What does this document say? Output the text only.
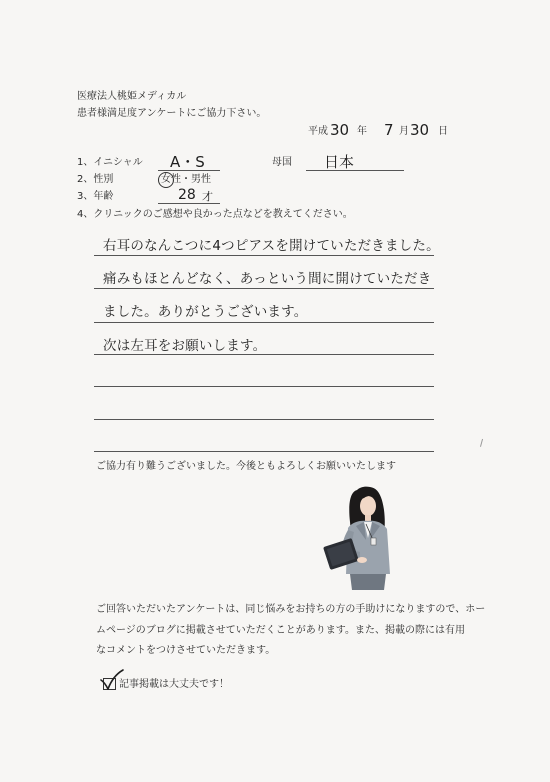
医療法人桃姫メディカル
患者様満足度アンケートにご協力下さい。
平成 30 年 7 月 30 日
1、イニシャル A・S	母国 日本
2、性別	女性・男性
3、年齢	28 才
4、クリニックのご感想や良かった点などを教えてください。
右耳のなんこつに4つピアスを開けていただきました。
痛みもほとんどなく、あっという間に開けていただき
ました。ありがとうございます。
次は左耳をお願いします。
ご協力有り難うございました。今後ともよろしくお願いいたします
ご回答いただいたアンケートは、同じ悩みをお持ちの方の手助けになりますので、ホー
ムページのブログに掲載させていただくことがあります。また、掲載の際には有用
なコメントをつけさせていただきます。
記事掲載は大丈夫です！
